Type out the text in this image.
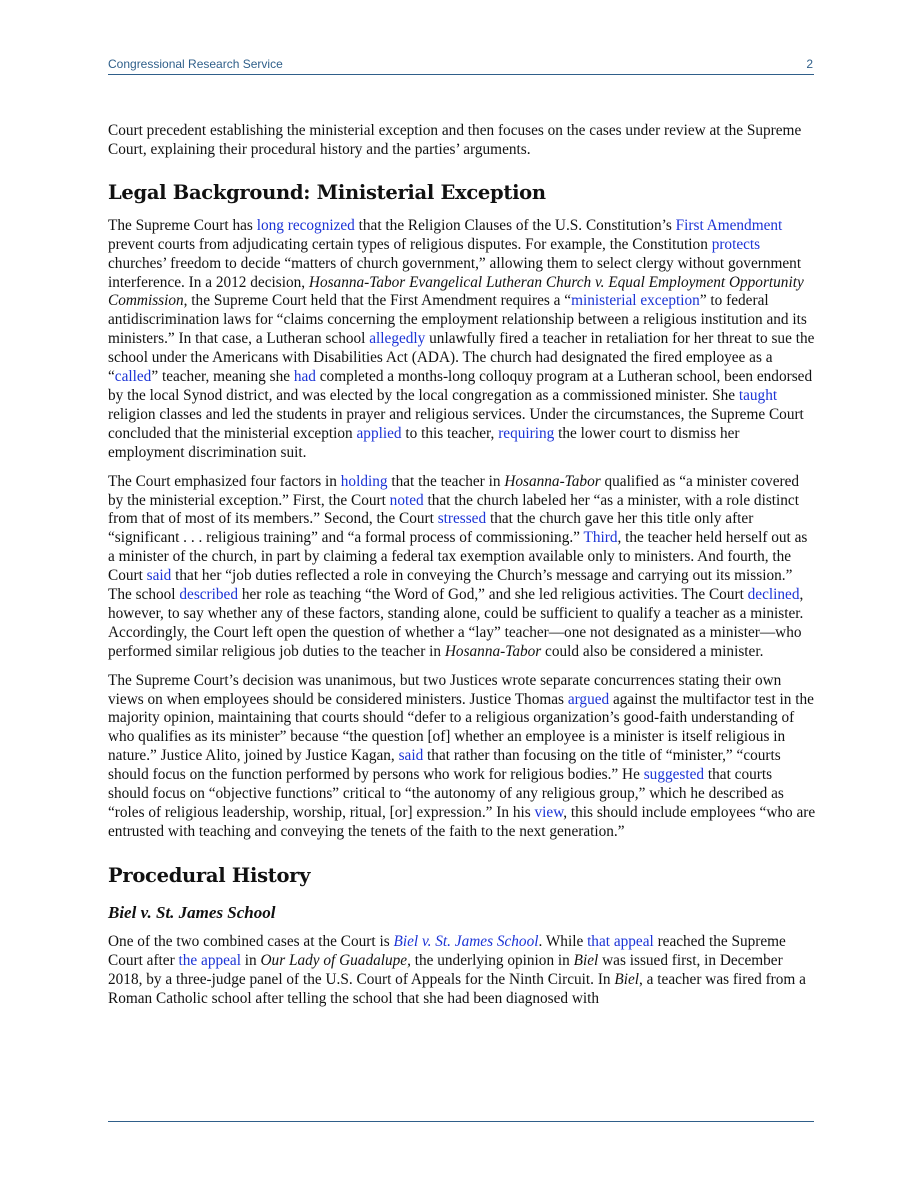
Congressional Research Service	2

Court precedent establishing the ministerial exception and then focuses on the cases under review at the Supreme Court, explaining their procedural history and the parties’ arguments.

Legal Background: Ministerial Exception

The Supreme Court has long recognized that the Religion Clauses of the U.S. Constitution’s First Amendment prevent courts from adjudicating certain types of religious disputes. For example, the Constitution protects churches’ freedom to decide “matters of church government,” allowing them to select clergy without government interference. In a 2012 decision, Hosanna-Tabor Evangelical Lutheran Church v. Equal Employment Opportunity Commission, the Supreme Court held that the First Amendment requires a “ministerial exception” to federal antidiscrimination laws for “claims concerning the employment relationship between a religious institution and its ministers.” In that case, a Lutheran school allegedly unlawfully fired a teacher in retaliation for her threat to sue the school under the Americans with Disabilities Act (ADA). The church had designated the fired employee as a “called” teacher, meaning she had completed a months-long colloquy program at a Lutheran school, been endorsed by the local Synod district, and was elected by the local congregation as a commissioned minister. She taught religion classes and led the students in prayer and religious services. Under the circumstances, the Supreme Court concluded that the ministerial exception applied to this teacher, requiring the lower court to dismiss her employment discrimination suit.

The Court emphasized four factors in holding that the teacher in Hosanna-Tabor qualified as “a minister covered by the ministerial exception.” First, the Court noted that the church labeled her “as a minister, with a role distinct from that of most of its members.” Second, the Court stressed that the church gave her this title only after “significant . . . religious training” and “a formal process of commissioning.” Third, the teacher held herself out as a minister of the church, in part by claiming a federal tax exemption available only to ministers. And fourth, the Court said that her “job duties reflected a role in conveying the Church’s message and carrying out its mission.” The school described her role as teaching “the Word of God,” and she led religious activities. The Court declined, however, to say whether any of these factors, standing alone, could be sufficient to qualify a teacher as a minister. Accordingly, the Court left open the question of whether a “lay” teacher—one not designated as a minister—who performed similar religious job duties to the teacher in Hosanna-Tabor could also be considered a minister.

The Supreme Court’s decision was unanimous, but two Justices wrote separate concurrences stating their own views on when employees should be considered ministers. Justice Thomas argued against the multifactor test in the majority opinion, maintaining that courts should “defer to a religious organization’s good-faith understanding of who qualifies as its minister” because “the question [of] whether an employee is a minister is itself religious in nature.” Justice Alito, joined by Justice Kagan, said that rather than focusing on the title of “minister,” “courts should focus on the function performed by persons who work for religious bodies.” He suggested that courts should focus on “objective functions” critical to “the autonomy of any religious group,” which he described as “roles of religious leadership, worship, ritual, [or] expression.” In his view, this should include employees “who are entrusted with teaching and conveying the tenets of the faith to the next generation.”

Procedural History
Biel v. St. James School

One of the two combined cases at the Court is Biel v. St. James School. While that appeal reached the Supreme Court after the appeal in Our Lady of Guadalupe, the underlying opinion in Biel was issued first, in December 2018, by a three-judge panel of the U.S. Court of Appeals for the Ninth Circuit. In Biel, a teacher was fired from a Roman Catholic school after telling the school that she had been diagnosed with
